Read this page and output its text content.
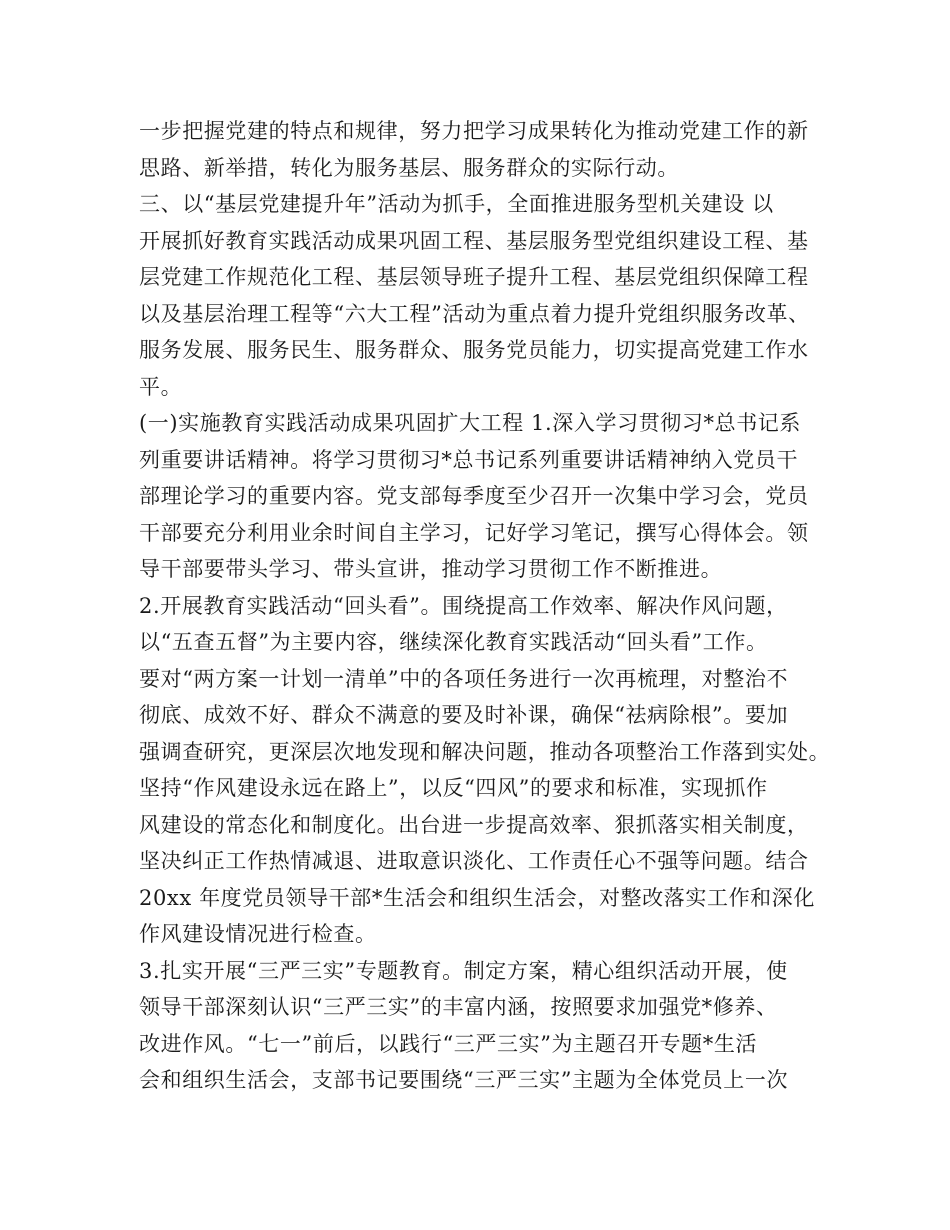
一步把握党建的特点和规律，努力把学习成果转化为推动党建工作的新
思路、新举措，转化为服务基层、服务群众的实际行动。
三、以“基层党建提升年”活动为抓手，全面推进服务型机关建设 以
开展抓好教育实践活动成果巩固工程、基层服务型党组织建设工程、基
层党建工作规范化工程、基层领导班子提升工程、基层党组织保障工程
以及基层治理工程等“六大工程”活动为重点着力提升党组织服务改革、
服务发展、服务民生、服务群众、服务党员能力，切实提高党建工作水
平。
(一)实施教育实践活动成果巩固扩大工程 1.深入学习贯彻习*总书记系
列重要讲话精神。将学习贯彻习*总书记系列重要讲话精神纳入党员干
部理论学习的重要内容。党支部每季度至少召开一次集中学习会，党员
干部要充分利用业余时间自主学习，记好学习笔记，撰写心得体会。领
导干部要带头学习、带头宣讲，推动学习贯彻工作不断推进。
2.开展教育实践活动“回头看”。围绕提高工作效率、解决作风问题，
以“五查五督”为主要内容，继续深化教育实践活动“回头看”工作。
要对“两方案一计划一清单”中的各项任务进行一次再梳理，对整治不
彻底、成效不好、群众不满意的要及时补课，确保“祛病除根”。要加
强调查研究，更深层次地发现和解决问题，推动各项整治工作落到实处。
坚持“作风建设永远在路上”，以反“四风”的要求和标准，实现抓作
风建设的常态化和制度化。出台进一步提高效率、狠抓落实相关制度，
坚决纠正工作热情减退、进取意识淡化、工作责任心不强等问题。结合
20xx 年度党员领导干部*生活会和组织生活会，对整改落实工作和深化
作风建设情况进行检查。
3.扎实开展“三严三实”专题教育。制定方案，精心组织活动开展，使
领导干部深刻认识“三严三实”的丰富内涵，按照要求加强党*修养、
改进作风。“七一”前后，以践行“三严三实”为主题召开专题*生活
会和组织生活会，支部书记要围绕“三严三实”主题为全体党员上一次
